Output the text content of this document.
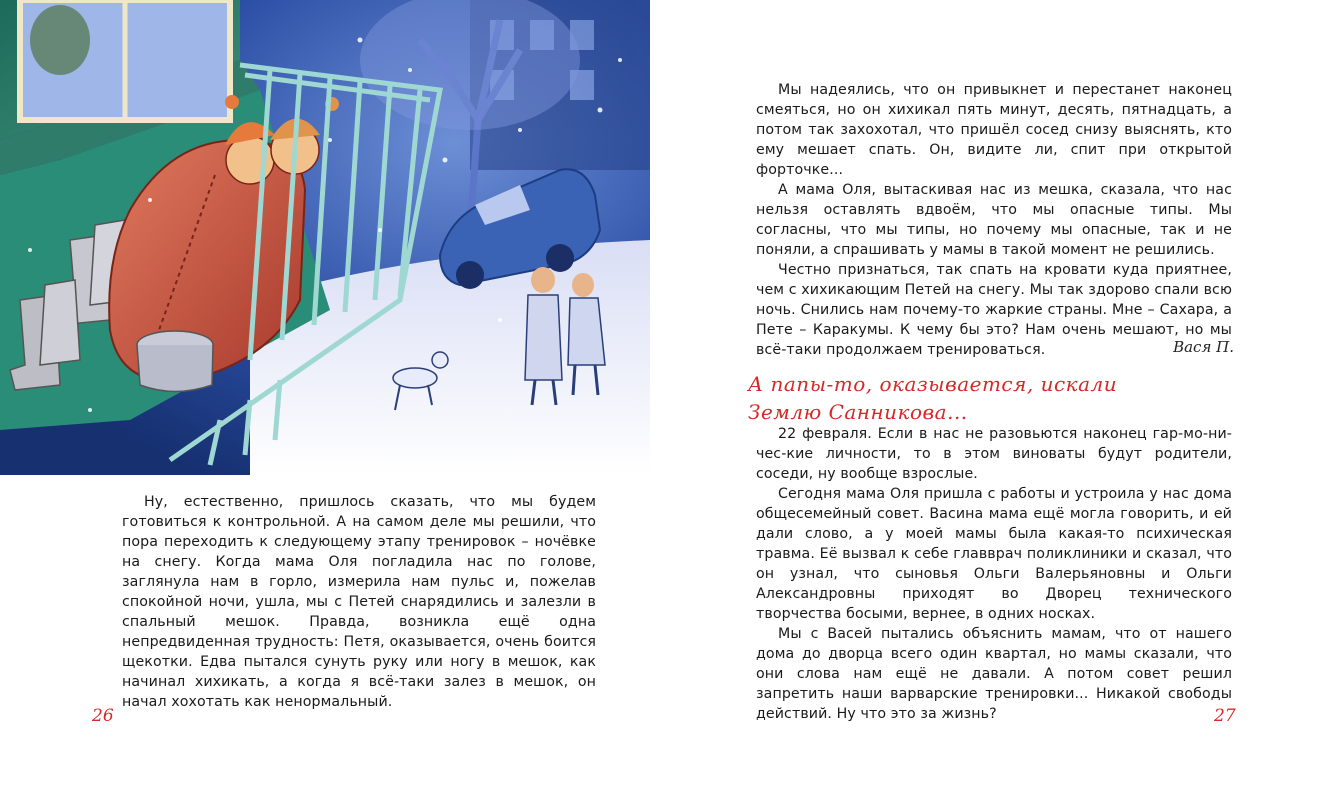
Ну, естественно, пришлось сказать, что мы будем готовиться к контрольной. А на самом деле мы решили, что пора переходить к следующему этапу тренировок – ночёвке на снегу. Когда мама Оля погладила нас по голове, заглянула нам в горло, измерила нам пульс и, пожелав спокойной ночи, ушла, мы с Петей снарядились и залезли в спальный мешок. Правда, возникла ещё одна непредвиденная трудность: Петя, оказывается, очень боится щекотки. Едва пытался сунуть руку или ногу в мешок, как начинал хихикать, а когда я всё-таки залез в мешок, он начал хохотать как ненормальный.

26

Мы надеялись, что он привыкнет и перестанет наконец смеяться, но он хихикал пять минут, десять, пятнадцать, а потом так захохотал, что пришёл сосед снизу выяснять, кто ему мешает спать. Он, видите ли, спит при открытой форточке...

А мама Оля, вытаскивая нас из мешка, сказала, что нас нельзя оставлять вдвоём, что мы опасные типы. Мы согласны, что мы типы, но почему мы опасные, так и не поняли, а спрашивать у мамы в такой момент не решились.

Честно признаться, так спать на кровати куда приятнее, чем с хихикающим Петей на снегу. Мы так здорово спали всю ночь. Снились нам почему-то жаркие страны. Мне – Сахара, а Пете – Каракумы. К чему бы это? Нам очень мешают, но мы всё-таки продолжаем тренироваться.	Вася П.
А папы-то, оказывается, искали
Землю Санникова...

22 февраля. Если в нас не разовьются наконец гар-мо-ни-чес-кие личности, то в этом виноваты будут родители, соседи, ну вообще взрослые.

Сегодня мама Оля пришла с работы и устроила у нас дома общесемейный совет. Васина мама ещё могла говорить, и ей дали слово, а у моей мамы была какая-то психическая травма. Её вызвал к себе главврач поликлиники и сказал, что он узнал, что сыновья Ольги Валерьяновны и Ольги Александровны приходят во Дворец технического творчества босыми, вернее, в одних носках.

Мы с Васей пытались объяснить мамам, что от нашего дома до дворца всего один квартал, но мамы сказали, что они слова нам ещё не давали. А потом совет решил запретить наши варварские тренировки... Никакой свободы действий. Ну что это за жизнь?	27
